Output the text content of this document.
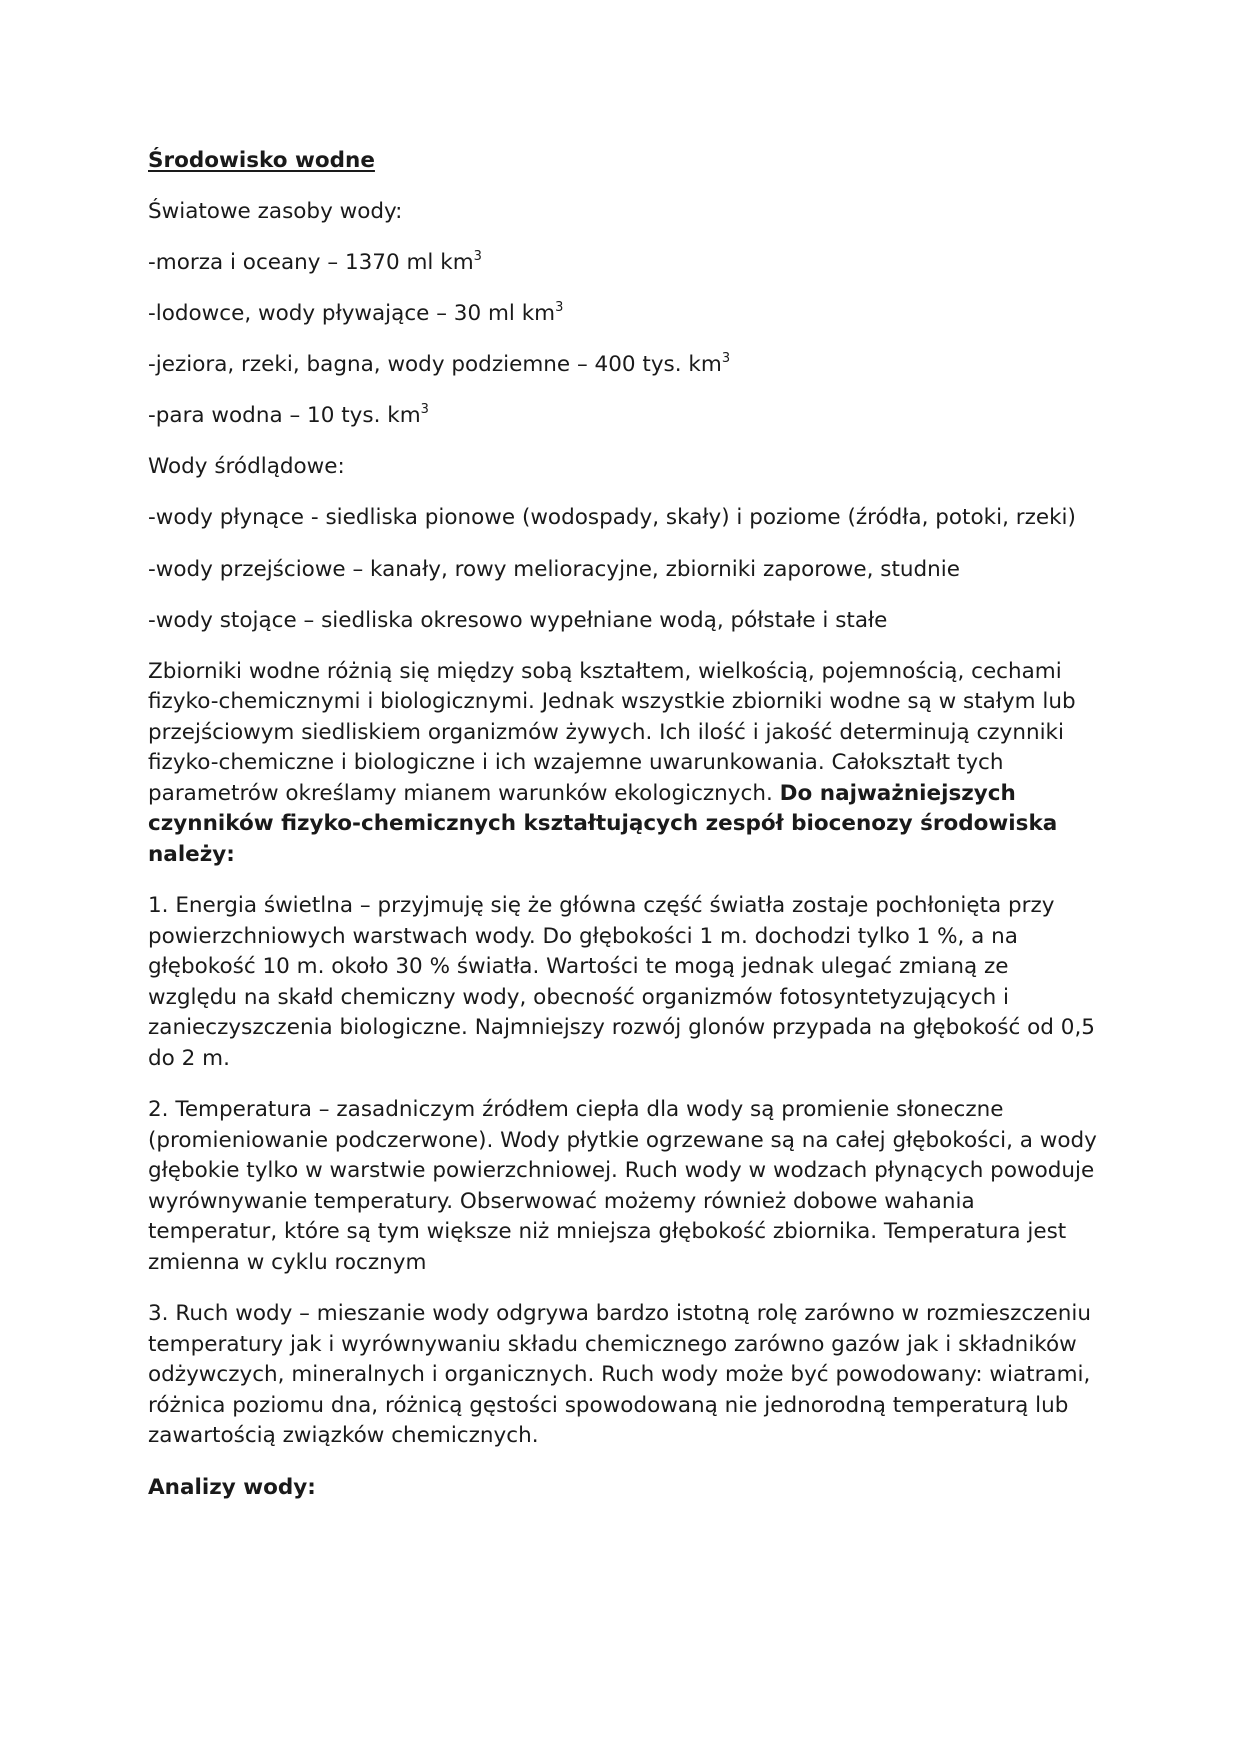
Środowisko wodne
Światowe zasoby wody:
-morza i oceany – 1370 ml $km^3$
-lodowce, wody pływające – 30 ml $km^3$
-jeziora, rzeki, bagna, wody podziemne – 400 tys. $km^3$
-para wodna – 10 tys. $km^3$
Wody śródlądowe:
-wody płynące - siedliska pionowe (wodospady, skały) i poziome (źródła, potoki, rzeki)
-wody przejściowe – kanały, rowy melioracyjne, zbiorniki zaporowe, studnie
-wody stojące – siedliska okresowo wypełniane wodą, półstałe i stałe
Zbiorniki wodne różnią się między sobą kształtem, wielkością, pojemnością, cechami fizyko-chemicznymi i biologicznymi. Jednak wszystkie zbiorniki wodne są w stałym lub przejściowym siedliskiem organizmów żywych. Ich ilość i jakość determinują czynniki fizyko-chemiczne i biologiczne i ich wzajemne uwarunkowania. Całokształt tych parametrów określamy mianem warunków ekologicznych. Do najważniejszych czynników fizyko-chemicznych kształtujących zespół biocenozy środowiska należy:
1. Energia świetlna – przyjmuję się że główna część światła zostaje pochłonięta przy powierzchniowych warstwach wody. Do głębokości 1 m. dochodzi tylko 1 %, a na głębokość 10 m. około 30 % światła. Wartości te mogą jednak ulegać zmianą ze względu na skałd chemiczny wody, obecność organizmów fotosyntetyzujących i zanieczyszczenia biologiczne. Najmniejszy rozwój glonów przypada na głębokość od 0,5 do 2 m.
2. Temperatura – zasadniczym źródłem ciepła dla wody są promienie słoneczne (promieniowanie podczerwone). Wody płytkie ogrzewane są na całej głębokości, a wody głębokie tylko w warstwie powierzchniowej. Ruch wody w wodzach płynących powoduje wyrównywanie temperatury. Obserwować możemy również dobowe wahania temperatur, które są tym większe niż mniejsza głębokość zbiornika. Temperatura jest zmienna w cyklu rocznym
3. Ruch wody – mieszanie wody odgrywa bardzo istotną rolę zarówno w rozmieszczeniu temperatury jak i wyrównywaniu składu chemicznego zarówno gazów jak i składników odżywczych, mineralnych i organicznych. Ruch wody może być powodowany: wiatrami, różnica poziomu dna, różnicą gęstości spowodowaną nie jednorodną temperaturą lub zawartością związków chemicznych.
Analizy wody:
